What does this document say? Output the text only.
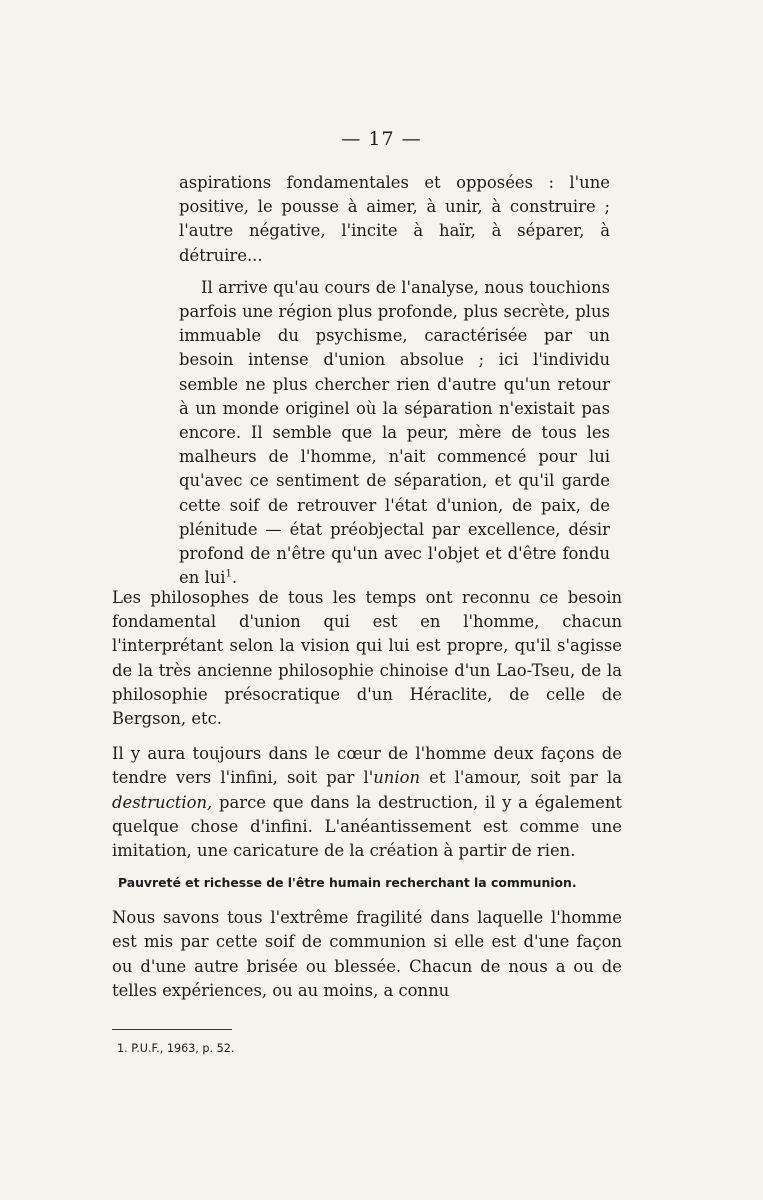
— 17 —

aspirations fondamentales et opposées : l'une positive, le pousse à aimer, à unir, à construire ; l'autre négative, l'incite à haïr, à séparer, à détruire...

Il arrive qu'au cours de l'analyse, nous touchions parfois une région plus profonde, plus secrète, plus immuable du psychisme, caractérisée par un besoin intense d'union absolue ; ici l'individu semble ne plus chercher rien d'autre qu'un retour à un monde originel où la séparation n'existait pas encore. Il semble que la peur, mère de tous les malheurs de l'homme, n'ait commencé pour lui qu'avec ce sentiment de séparation, et qu'il garde cette soif de retrouver l'état d'union, de paix, de plénitude — état préobjectal par excellence, désir profond de n'être qu'un avec l'objet et d'être fondu en lui$^1$.

Les philosophes de tous les temps ont reconnu ce besoin fondamental d'union qui est en l'homme, chacun l'interprétant selon la vision qui lui est propre, qu'il s'agisse de la très ancienne philosophie chinoise d'un Lao-Tseu, de la philosophie présocratique d'un Héraclite, de celle de Bergson, etc.

Il y aura toujours dans le cœur de l'homme deux façons de tendre vers l'infini, soit par l'union et l'amour, soit par la destruction, parce que dans la destruction, il y a également quelque chose d'infini. L'anéantissement est comme une imitation, une caricature de la création à partir de rien.

Pauvreté et richesse de l'être humain recherchant la communion.

Nous savons tous l'extrême fragilité dans laquelle l'homme est mis par cette soif de communion si elle est d'une façon ou d'une autre brisée ou blessée. Chacun de nous a ou de telles expériences, ou au moins, a connu

1. P.U.F., 1963, p. 52.
